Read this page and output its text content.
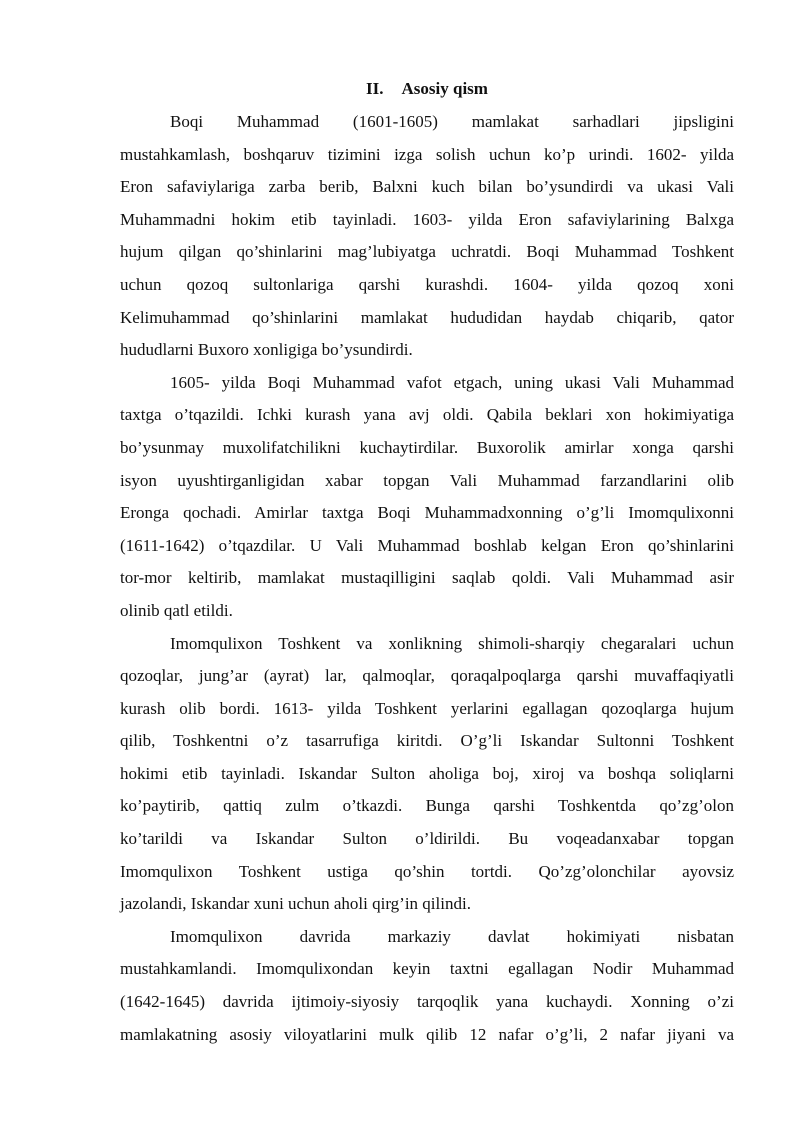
II. Asosiy qism
Boqi Muhammad (1601-1605) mamlakat sarhadlari jipsligini
mustahkamlash, boshqaruv tizimini izga solish uchun ko’p urindi. 1602- yilda
Eron safaviylariga zarba berib, Balxni kuch bilan bo’ysundirdi va ukasi Vali
Muhammadni hokim etib tayinladi. 1603- yilda Eron safaviylarining Balxga
hujum qilgan qo’shinlarini mag’lubiyatga uchratdi. Boqi Muhammad Toshkent
uchun qozoq sultonlariga qarshi kurashdi. 1604- yilda qozoq xoni
Kelimuhammad qo’shinlarini mamlakat hududidan haydab chiqarib, qator
hududlarni Buxoro xonligiga bo’ysundirdi.
1605- yilda Boqi Muhammad vafot etgach, uning ukasi Vali Muhammad
taxtga o’tqazildi. Ichki kurash yana avj oldi. Qabila beklari xon hokimiyatiga
bo’ysunmay muxolifatchilikni kuchaytirdilar. Buxorolik amirlar xonga qarshi
isyon uyushtirganligidan xabar topgan Vali Muhammad farzandlarini olib
Eronga qochadi. Amirlar taxtga Boqi Muhammadxonning o’g’li Imomqulixonni
(1611-1642) o’tqazdilar. U Vali Muhammad boshlab kelgan Eron qo’shinlarini
tor-mor keltirib, mamlakat mustaqilligini saqlab qoldi. Vali Muhammad asir
olinib qatl etildi.
Imomqulixon Toshkent va xonlikning shimoli-sharqiy chegaralari uchun
qozoqlar, jung’ar (ayrat) lar, qalmoqlar, qoraqalpoqlarga qarshi muvaffaqiyatli
kurash olib bordi. 1613- yilda Toshkent yerlarini egallagan qozoqlarga hujum
qilib, Toshkentni o’z tasarrufiga kiritdi. O’g’li Iskandar Sultonni Toshkent
hokimi etib tayinladi. Iskandar Sulton aholiga boj, xiroj va boshqa soliqlarni
ko’paytirib, qattiq zulm o’tkazdi. Bunga qarshi Toshkentda qo’zg’olon
ko’tarildi va Iskandar Sulton o’ldirildi. Bu voqeadanxabar topgan
Imomqulixon Toshkent ustiga qo’shin tortdi. Qo’zg’olonchilar ayovsiz
jazolandi, Iskandar xuni uchun aholi qirg’in qilindi.
Imomqulixon davrida markaziy davlat hokimiyati nisbatan
mustahkamlandi. Imomqulixondan keyin taxtni egallagan Nodir Muhammad
(1642-1645) davrida ijtimoiy-siyosiy tarqoqlik yana kuchaydi. Xonning o’zi
mamlakatning asosiy viloyatlarini mulk qilib 12 nafar o’g’li, 2 nafar jiyani va
